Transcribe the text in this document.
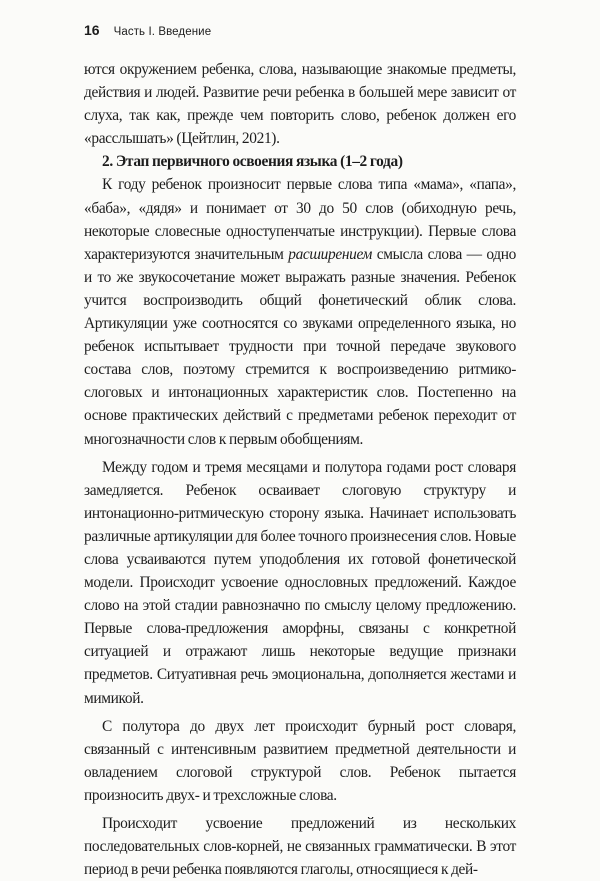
16 Часть I. Введение

ются окружением ребенка, слова, называющие знакомые предметы, действия и людей. Развитие речи ребенка в большей мере зависит от слуха, так как, прежде чем повторить слово, ребенок должен его «расслышать» (Цейтлин, 2021).

2. Этап первичного освоения языка (1–2 года)

К году ребенок произносит первые слова типа «мама», «папа», «баба», «дядя» и понимает от 30 до 50 слов (обиходную речь, некоторые словесные одноступенчатые инструкции). Первые слова характеризуются значительным расширением смысла слова — одно и то же звукосочетание может выражать разные значения. Ребенок учится воспроизводить общий фонетический облик слова. Артикуляции уже соотносятся со звуками определенного языка, но ребенок испытывает трудности при точной передаче звукового состава слов, поэтому стремится к воспроизведению ритмико-слоговых и интонационных характеристик слов. Постепенно на основе практических действий с предметами ребенок переходит от многозначности слов к первым обобщениям.

Между годом и тремя месяцами и полутора годами рост словаря замедляется. Ребенок осваивает слоговую структуру и интонационно-ритмическую сторону языка. Начинает использовать различные артикуляции для более точного произнесения слов. Новые слова усваиваются путем уподобления их готовой фонетической модели. Происходит усвоение однословных предложений. Каждое слово на этой стадии равнозначно по смыслу целому предложению. Первые слова-предложения аморфны, связаны с конкретной ситуацией и отражают лишь некоторые ведущие признаки предметов. Ситуативная речь эмоциональна, дополняется жестами и мимикой.

С полутора до двух лет происходит бурный рост словаря, связанный с интенсивным развитием предметной деятельности и овладением слоговой структурой слов. Ребенок пытается произносить двух- и трехсложные слова.

Происходит усвоение предложений из нескольких последовательных слов-корней, не связанных грамматически. В этот период в речи ребенка появляются глаголы, относящиеся к дей-
